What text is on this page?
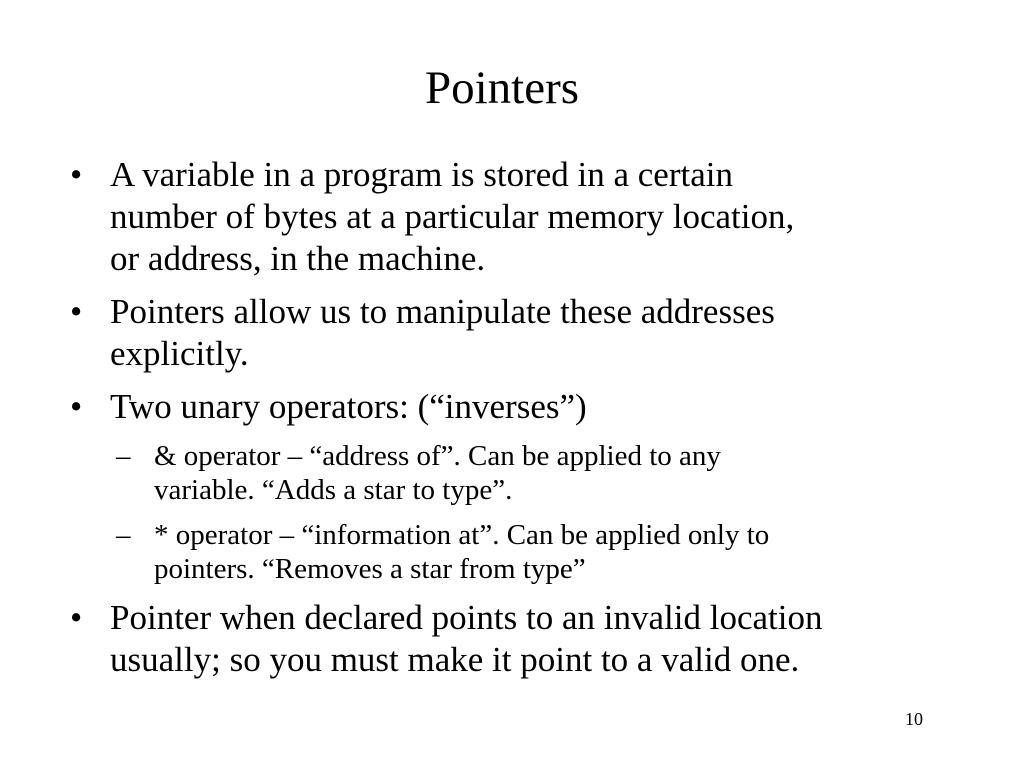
Pointers
• A variable in a program is stored in a certain
number of bytes at a particular memory location,
or address, in the machine.
• Pointers allow us to manipulate these addresses
explicitly.
• Two unary operators: (“inverses”)
– & operator – “address of”. Can be applied to any
variable. “Adds a star to type”.
– * operator – “information at”. Can be applied only to
pointers. “Removes a star from type”
• Pointer when declared points to an invalid location
usually; so you must make it point to a valid one.
10
